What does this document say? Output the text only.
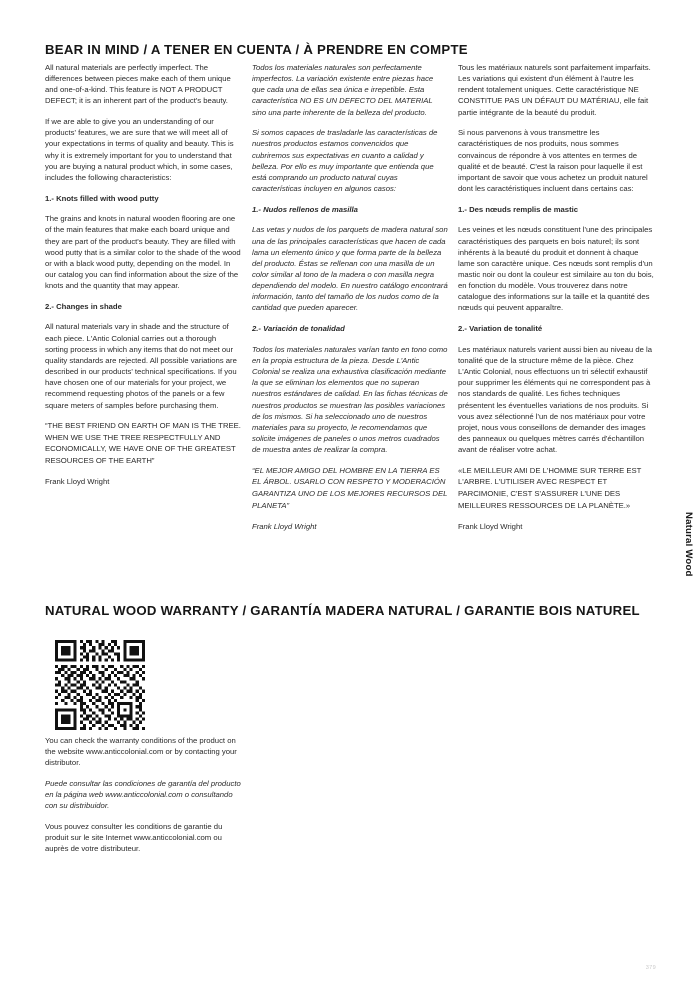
BEAR IN MIND / A TENER EN CUENTA / À PRENDRE EN COMPTE

All natural materials are perfectly imperfect. The differences between pieces make each of them unique and one-of-a-kind. This feature is NOT A PRODUCT DEFECT; it is an inherent part of the product's beauty.

If we are able to give you an understanding of our products' features, we are sure that we will meet all of your expectations in terms of quality and beauty. This is why it is extremely important for you to understand that you are buying a natural product which, in some cases, includes the following characteristics:

1.- Knots filled with wood putty

The grains and knots in natural wooden flooring are one of the main features that make each board unique and they are part of the product's beauty. They are filled with wood putty that is a similar color to the shade of the wood or with a black wood putty, depending on the model. In our catalog you can find information about the size of the knots and the quantity that may appear.

2.- Changes in shade

All natural materials vary in shade and the structure of each piece. L'Antic Colonial carries out a thorough sorting process in which any items that do not meet our quality standards are rejected. All possible variations are described in our products' technical specifications. If you have chosen one of our materials for your project, we recommend requesting photos of the panels or a few square meters of samples before purchasing them.

“THE BEST FRIEND ON EARTH OF MAN IS THE TREE. WHEN WE USE THE TREE RESPECTFULLY AND ECONOMICALLY, WE HAVE ONE OF THE GREATEST RESOURCES OF THE EARTH”

Frank Lloyd Wright

Todos los materiales naturales son perfectamente imperfectos. La variación existente entre piezas hace que cada una de ellas sea única e irrepetible. Esta característica NO ES UN DEFECTO DEL MATERIAL sino una parte inherente de la belleza del producto.

Si somos capaces de trasladarle las características de nuestros productos estamos convencidos que cubriremos sus expectativas en cuanto a calidad y belleza. Por ello es muy importante que entienda que está comprando un producto natural cuyas características incluyen en algunos casos:

1.- Nudos rellenos de masilla

Las vetas y nudos de los parquets de madera natural son una de las principales características que hacen de cada lama un elemento único y que forma parte de la belleza del producto. Éstas se rellenan con una masilla de un color similar al tono de la madera o con masilla negra dependiendo del modelo. En nuestro catálogo encontrará información, tanto del tamaño de los nudos como de la cantidad que pueden aparecer.

2.- Variación de tonalidad

Todos los materiales naturales varían tanto en tono como en la propia estructura de la pieza. Desde L'Antic Colonial se realiza una exhaustiva clasificación mediante la que se eliminan los elementos que no superan nuestros estándares de calidad. En las fichas técnicas de nuestros productos se muestran las posibles variaciones de los mismos. Si ha seleccionado uno de nuestros materiales para su proyecto, le recomendamos que solicite imágenes de paneles o unos metros cuadrados de muestra antes de realizar la compra.

“EL MEJOR AMIGO DEL HOMBRE EN LA TIERRA ES EL ÁRBOL. USARLO CON RESPETO Y MODERACIÓN GARANTIZA UNO DE LOS MEJORES RECURSOS DEL PLANETA”

Frank Lloyd Wright

Tous les matériaux naturels sont parfaitement imparfaits. Les variations qui existent d'un élément à l'autre les rendent totalement uniques. Cette caractéristique NE CONSTITUE PAS UN DÉFAUT DU MATÉRIAU, elle fait partie intégrante de la beauté du produit.

Si nous parvenons à vous transmettre les caractéristiques de nos produits, nous sommes convaincus de répondre à vos attentes en termes de qualité et de beauté. C'est la raison pour laquelle il est important de savoir que vous achetez un produit naturel dont les caractéristiques incluent dans certains cas:

1.- Des nœuds remplis de mastic

Les veines et les nœuds constituent l'une des principales caractéristiques des parquets en bois naturel; ils sont inhérents à la beauté du produit et donnent à chaque lame son caractère unique. Ces nœuds sont remplis d'un mastic noir ou dont la couleur est similaire au ton du bois, en fonction du modèle. Vous trouverez dans notre catalogue des informations sur la taille et la quantité des nœuds qui peuvent apparaître.

2.- Variation de tonalité

Les matériaux naturels varient aussi bien au niveau de la tonalité que de la structure même de la pièce. Chez L'Antic Colonial, nous effectuons un tri sélectif exhaustif pour supprimer les éléments qui ne correspondent pas à nos standards de qualité. Les fiches techniques présentent les éventuelles variations de nos produits. Si vous avez sélectionné l'un de nos matériaux pour votre projet, nous vous conseillons de demander des images des panneaux ou quelques mètres carrés d'échantillon avant de réaliser votre achat.

«LE MEILLEUR AMI DE L'HOMME SUR TERRE EST L'ARBRE. L'UTILISER AVEC RESPECT ET PARCIMONIE, C'EST S'ASSURER L'UNE DES MEILLEURES RESSOURCES DE LA PLANÈTE.»

Frank Lloyd Wright

NATURAL WOOD WARRANTY / GARANTÍA MADERA NATURAL / GARANTIE BOIS NATUREL

You can check the warranty conditions of the product on the website www.anticcolonial.com or by contacting your distributor.

Puede consultar las condiciones de garantía del producto en la página web www.anticcolonial.com o consultando con su distribuidor.

Vous pouvez consulter les conditions de garantie du produit sur le site Internet www.anticcolonial.com ou auprès de votre distributeur.

Natural Wood
379
